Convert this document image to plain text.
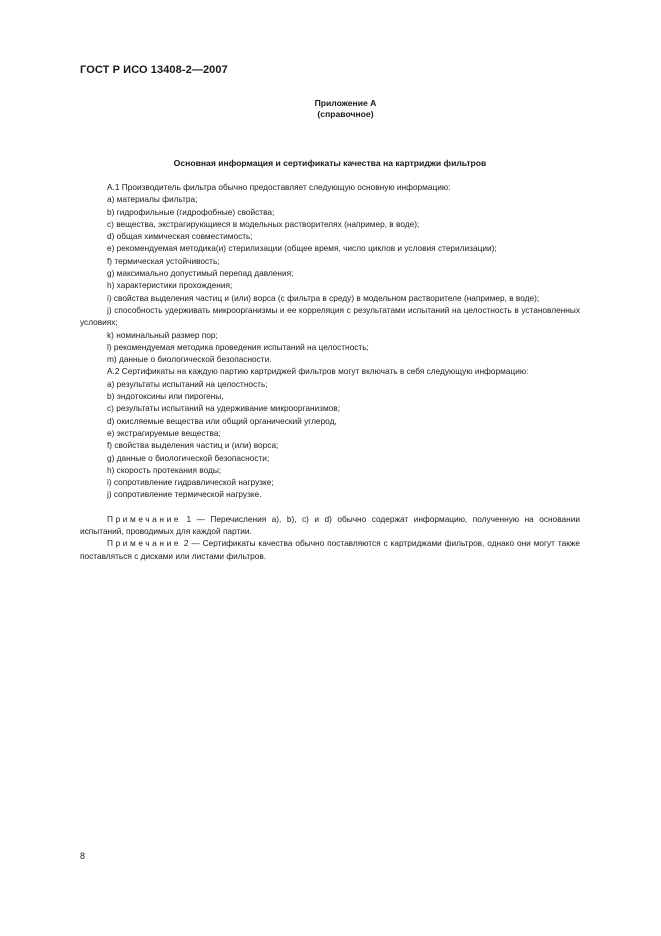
ГОСТ Р ИСО 13408-2—2007
Приложение А
(справочное)
Основная информация и сертификаты качества на картриджи фильтров
А.1 Производитель фильтра обычно предоставляет следующую основную информацию:
а) материалы фильтра;
b) гидрофильные (гидрофобные) свойства;
c) вещества, экстрагирующиеся в модельных растворителях (например, в воде);
d) общая химическая совместимость;
e) рекомендуемая методика(и) стерилизации (общее время, число циклов и условия стерилизации);
f) термическая устойчивость;
g) максимально допустимый перепад давления;
h) характеристики прохождения;
i) свойства выделения частиц и (или) ворса (с фильтра в среду) в модельном растворителе (например, в воде);
j) способность удерживать микроорганизмы и ее корреляция с результатами испытаний на целостность в установленных условиях;
k) номинальный размер пор;
l) рекомендуемая методика проведения испытаний на целостность;
m) данные о биологической безопасности.
А.2 Сертификаты на каждую партию картриджей фильтров могут включать в себя следующую информацию:
а) результаты испытаний на целостность;
b) эндотоксины или пирогены,
c) результаты испытаний на удерживание микроорганизмов;
d) окисляемые вещества или общий органический углерод,
e) экстрагируемые вещества;
f) свойства выделения частиц и (или) ворса;
g) данные о биологической безопасности;
h) скорость протекания воды;
i) сопротивление гидравлической нагрузке;
j) сопротивление термической нагрузке.
Примечание 1 — Перечисления а), b), с) и d) обычно содержат информацию, полученную на основании испытаний, проводимых для каждой партии.
Примечание 2 — Сертификаты качества обычно поставляются с картриджами фильтров, однако они могут также поставляться с дисками или листами фильтров.
8
